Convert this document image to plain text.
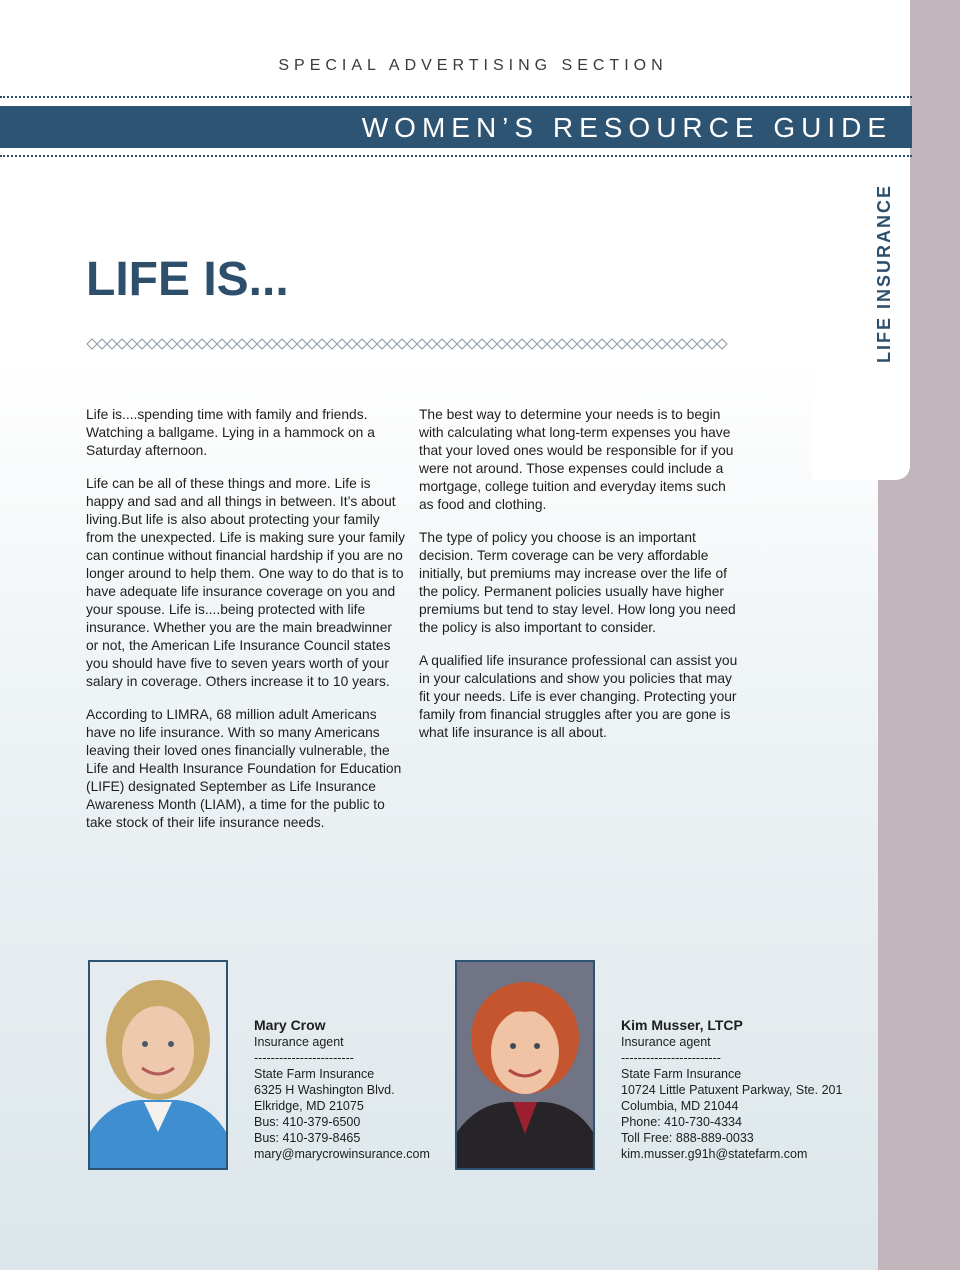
LIFE INSURANCE
SPECIAL ADVERTISING SECTION
WOMEN’S RESOURCE GUIDE
LIFE IS...

Life is....spending time with family and friends. Watching a ballgame. Lying in a hammock on a Saturday afternoon.

Life can be all of these things and more. Life is happy and sad and all things in between. It’s about living.But life is also about protecting your family from the unexpected. Life is making sure your family can continue without financial hardship if you are no longer around to help them. One way to do that is to have adequate life insurance coverage on you and your spouse. Life is....being protected with life insurance. Whether you are the main breadwinner or not, the American Life Insurance Council states you should have five to seven years worth of your salary in coverage. Others increase it to 10 years.

According to LIMRA, 68 million adult Americans have no life insurance. With so many Americans leaving their loved ones financially vulnerable, the Life and Health Insurance Foundation for Education (LIFE) designated September as Life Insurance Awareness Month (LIAM), a time for the public to take stock of their life insurance needs.

The best way to determine your needs is to begin with calculating what long-term expenses you have that your loved ones would be responsible for if you were not around. Those expenses could include a mortgage, college tuition and everyday items such as food and clothing.

The type of policy you choose is an important decision. Term coverage can be very affordable initially, but premiums may increase over the life of the policy. Permanent policies usually have higher premiums but tend to stay level. How long you need the policy is also important to consider.

A qualified life insurance professional can assist you in your calculations and show you policies that may fit your needs. Life is ever changing. Protecting your family from financial struggles after you are gone is what life insurance is all about.

Mary Crow
Insurance agent
------------------------
State Farm Insurance
6325 H Washington Blvd.
Elkridge, MD 21075
Bus: 410-379-6500
Bus: 410-379-8465
mary@marycrowinsurance.com
Kim Musser, LTCP
Insurance agent
------------------------
State Farm Insurance
10724 Little Patuxent Parkway, Ste. 201
Columbia, MD 21044
Phone: 410-730-4334
Toll Free: 888-889-0033
kim.musser.g91h@statefarm.com
